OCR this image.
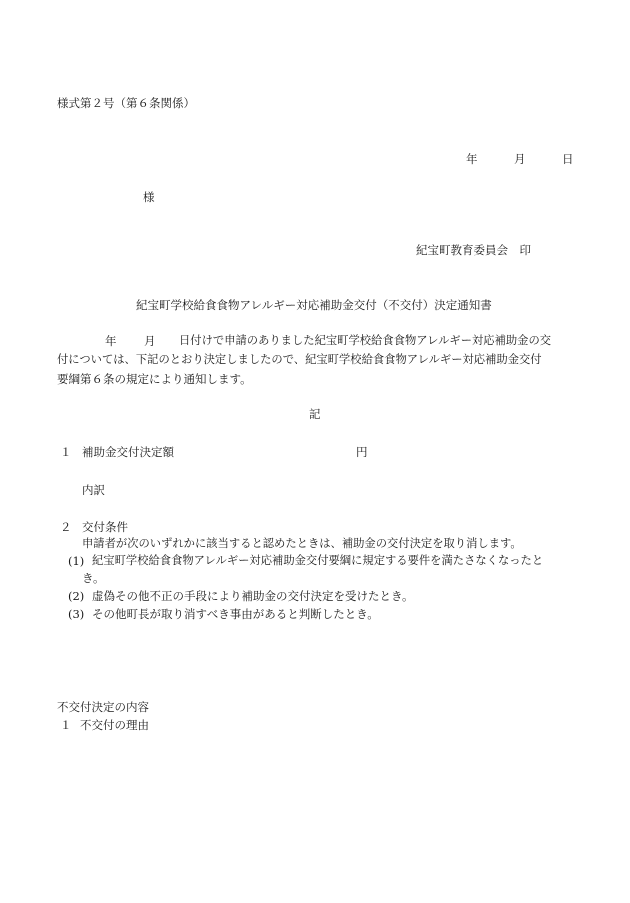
様式第２号（第６条関係）
年	月	日
様
紀宝町教育委員会　印
紀宝町学校給食食物アレルギー対応補助金交付（不交付）決定通知書
年 月 日付けで申請のありました紀宝町学校給食食物アレルギー対応補助金の交
付については、下記のとおり決定しましたので、紀宝町学校給食食物アレルギー対応補助金交付
要綱第６条の規定により通知します。
記
１ 補助金交付決定額	円
内訳
２ 交付条件
申請者が次のいずれかに該当すると認めたときは、補助金の交付決定を取り消します。
(1) 紀宝町学校給食食物アレルギー対応補助金交付要綱に規定する要件を満たさなくなったと
き。
(2) 虚偽その他不正の手段により補助金の交付決定を受けたとき。
(3) その他町長が取り消すべき事由があると判断したとき。
不交付決定の内容
１ 不交付の理由
